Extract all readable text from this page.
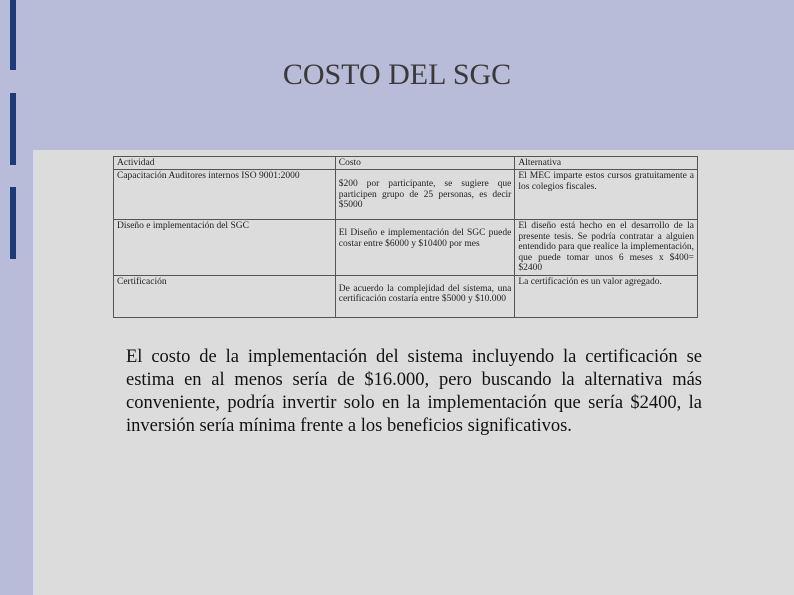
COSTO DEL SGC
Actividad	Costo	Alternativa
Capacitación Auditores internos ISO 9001:2000	$200 por participante, se sugiere que participen grupo de 25 personas, es decir $5000	El MEC imparte estos cursos gratuitamente a los colegios fiscales.
Diseño e implementación del SGC	El Diseño e implementación del SGC puede costar entre $6000 y $10400 por mes	El diseño está hecho en el desarrollo de la presente tesis. Se podría contratar a alguien entendido para que realice la implementación, que puede tomar unos 6 meses x $400= $2400
Certificación	De acuerdo la complejidad del sistema, una certificación costaría entre $5000 y $10.000	La certificación es un valor agregado.

El costo de la implementación del sistema incluyendo la certificación se estima en al menos sería de $16.000, pero buscando la alternativa más conveniente, podría invertir solo en la implementación que sería $2400, la inversión sería mínima frente a los beneficios significativos.
